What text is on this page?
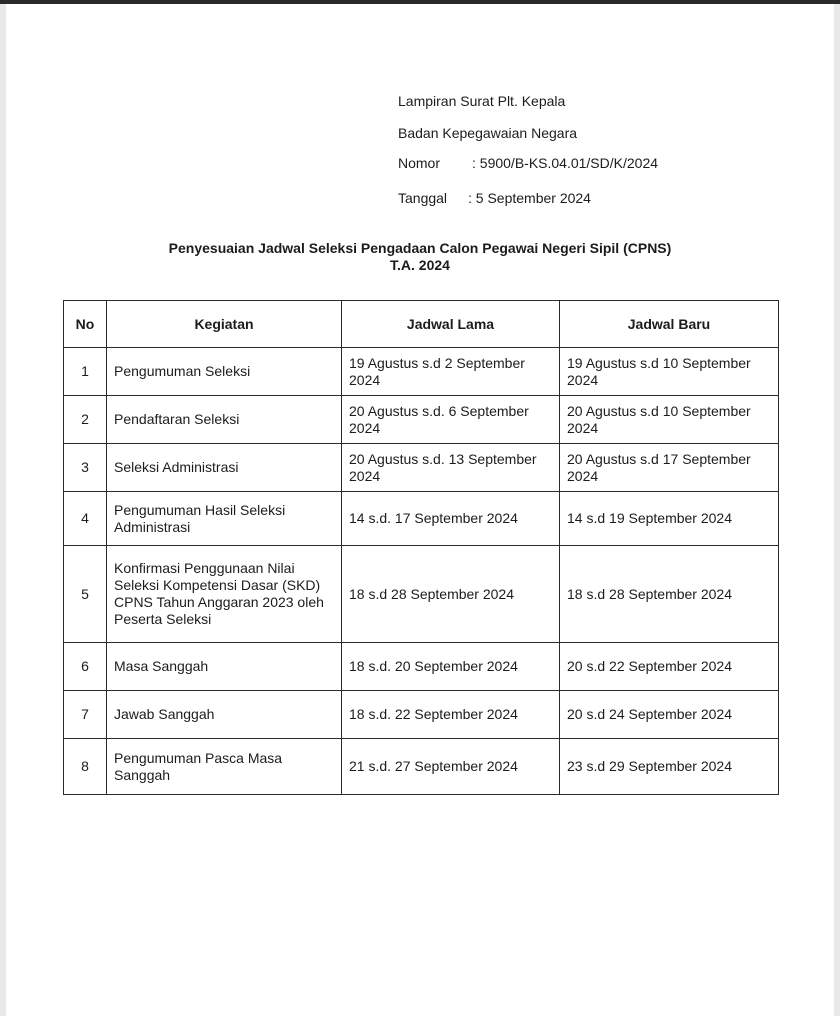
Lampiran Surat Plt. Kepala
Badan Kepegawaian Negara
Nomor : 5900/B-KS.04.01/SD/K/2024
Tanggal : 5 September 2024
Penyesuaian Jadwal Seleksi Pengadaan Calon Pegawai Negeri Sipil (CPNS)
T.A. 2024
No	Kegiatan	Jadwal Lama	Jadwal Baru
1	Pengumuman Seleksi	19 Agustus s.d 2 September 2024	19 Agustus s.d 10 September 2024
2	Pendaftaran Seleksi	20 Agustus s.d. 6 September 2024	20 Agustus s.d 10 September 2024
3	Seleksi Administrasi	20 Agustus s.d. 13 September 2024	20 Agustus s.d 17 September 2024
4	Pengumuman Hasil Seleksi Administrasi	14 s.d. 17 September 2024	14 s.d 19 September 2024
5	Konfirmasi Penggunaan Nilai Seleksi Kompetensi Dasar (SKD) CPNS Tahun Anggaran 2023 oleh Peserta Seleksi	18 s.d 28 September 2024	18 s.d 28 September 2024
6	Masa Sanggah	18 s.d. 20 September 2024	20 s.d 22 September 2024
7	Jawab Sanggah	18 s.d. 22 September 2024	20 s.d 24 September 2024
8	Pengumuman Pasca Masa Sanggah	21 s.d. 27 September 2024	23 s.d 29 September 2024
